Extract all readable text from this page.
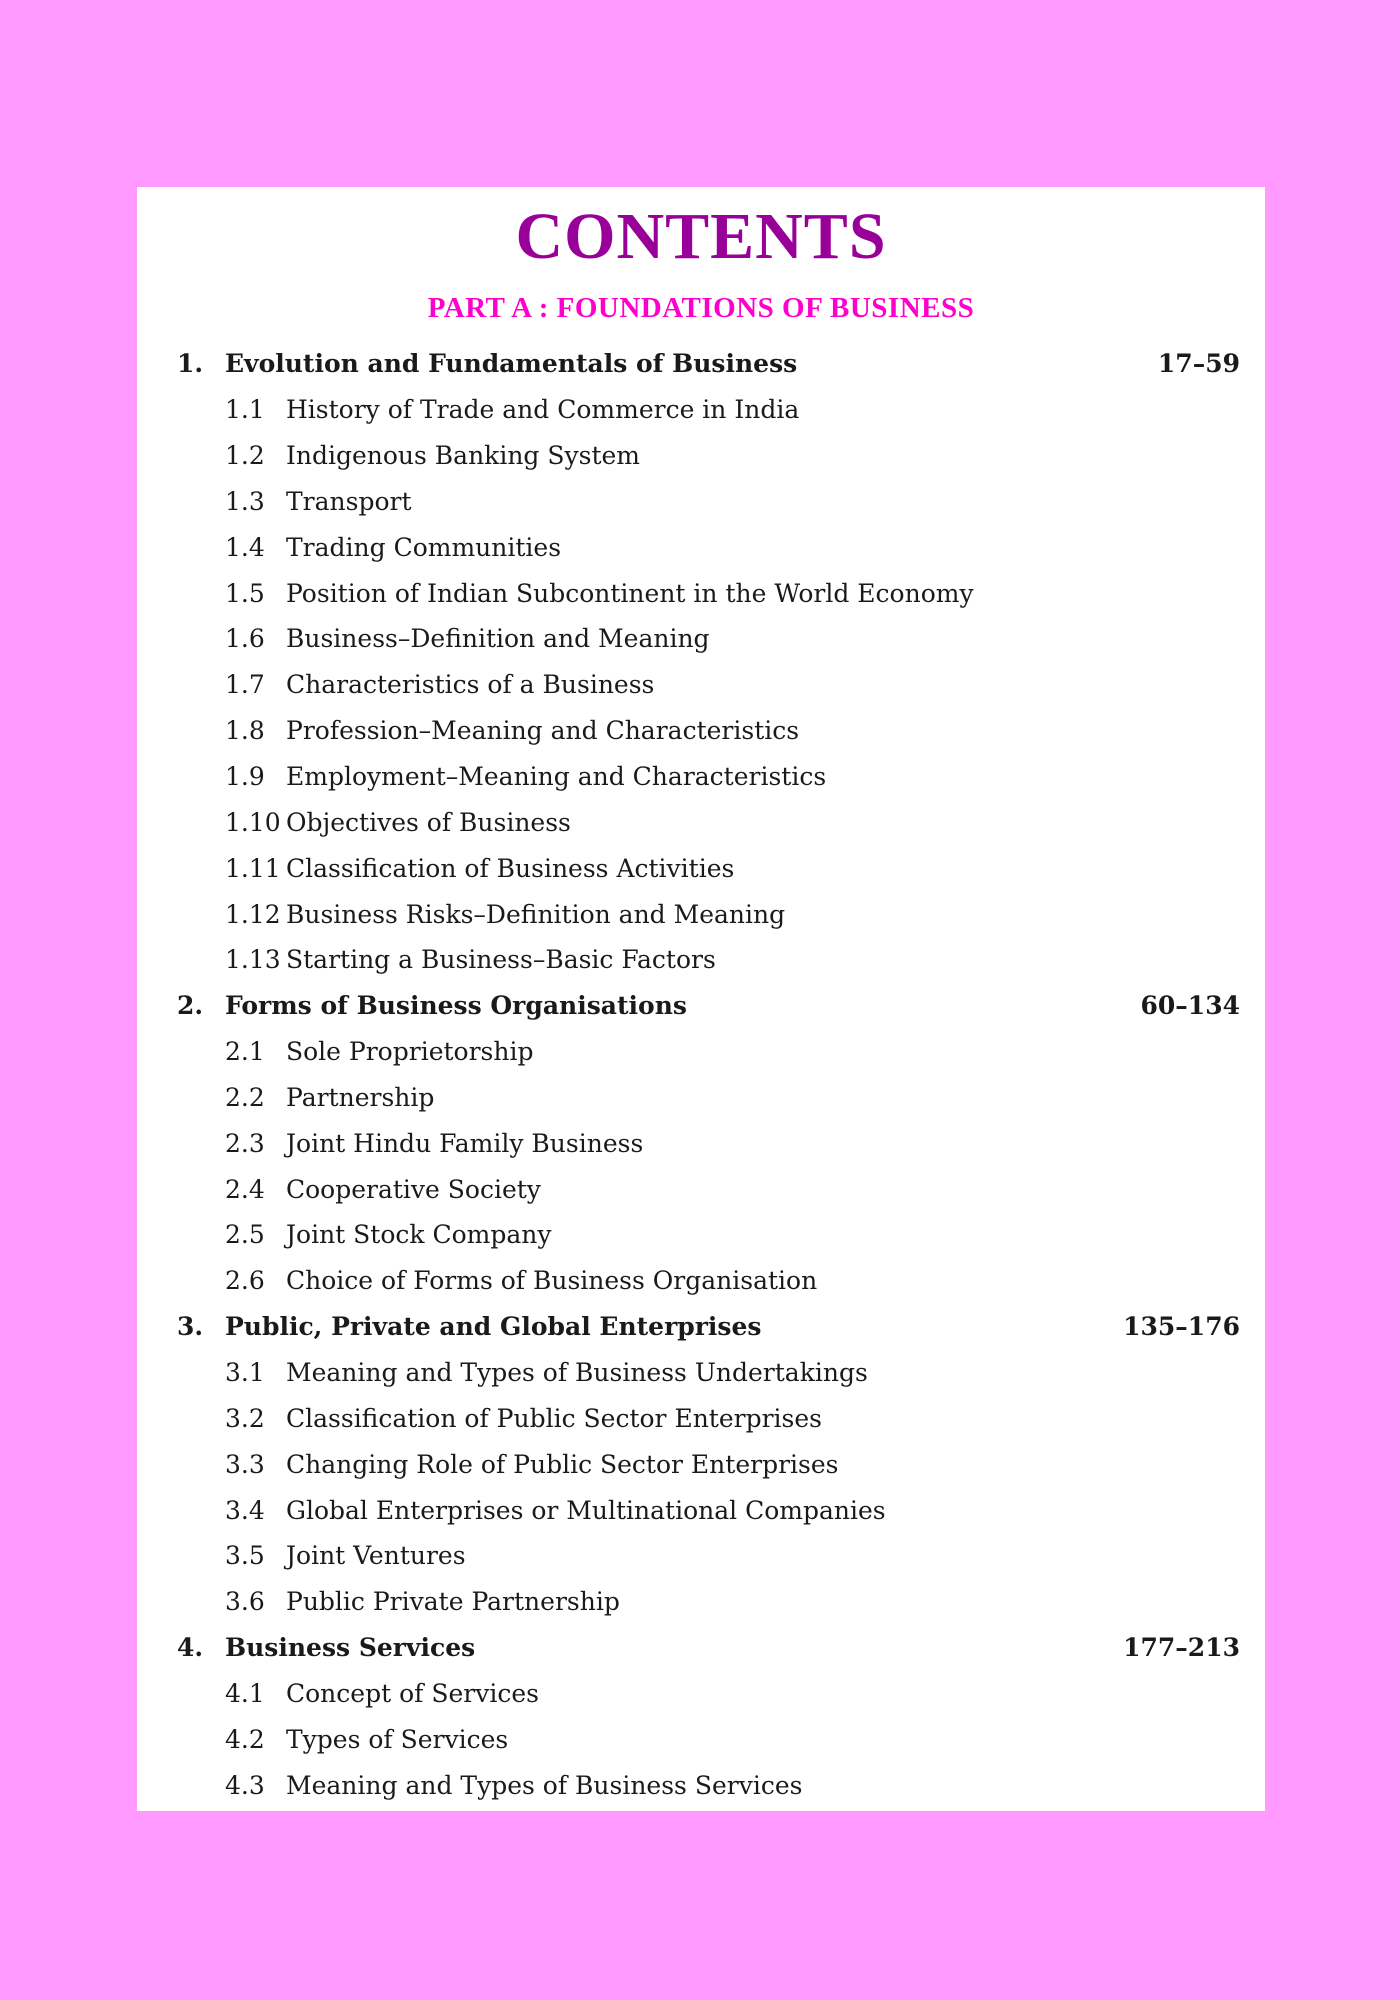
CONTENTS
PART A : FOUNDATIONS OF BUSINESS
1. Evolution and Fundamentals of Business	17–59
1.1 History of Trade and Commerce in India
1.2 Indigenous Banking System
1.3 Transport
1.4 Trading Communities
1.5 Position of Indian Subcontinent in the World Economy
1.6 Business–Definition and Meaning
1.7 Characteristics of a Business
1.8 Profession–Meaning and Characteristics
1.9 Employment–Meaning and Characteristics
1.10 Objectives of Business
1.11 Classification of Business Activities
1.12 Business Risks–Definition and Meaning
1.13 Starting a Business–Basic Factors
2. Forms of Business Organisations	60–134
2.1 Sole Proprietorship
2.2 Partnership
2.3 Joint Hindu Family Business
2.4 Cooperative Society
2.5 Joint Stock Company
2.6 Choice of Forms of Business Organisation
3. Public, Private and Global Enterprises	135–176
3.1 Meaning and Types of Business Undertakings
3.2 Classification of Public Sector Enterprises
3.3 Changing Role of Public Sector Enterprises
3.4 Global Enterprises or Multinational Companies
3.5 Joint Ventures
3.6 Public Private Partnership
4. Business Services	177–213
4.1 Concept of Services
4.2 Types of Services
4.3 Meaning and Types of Business Services
